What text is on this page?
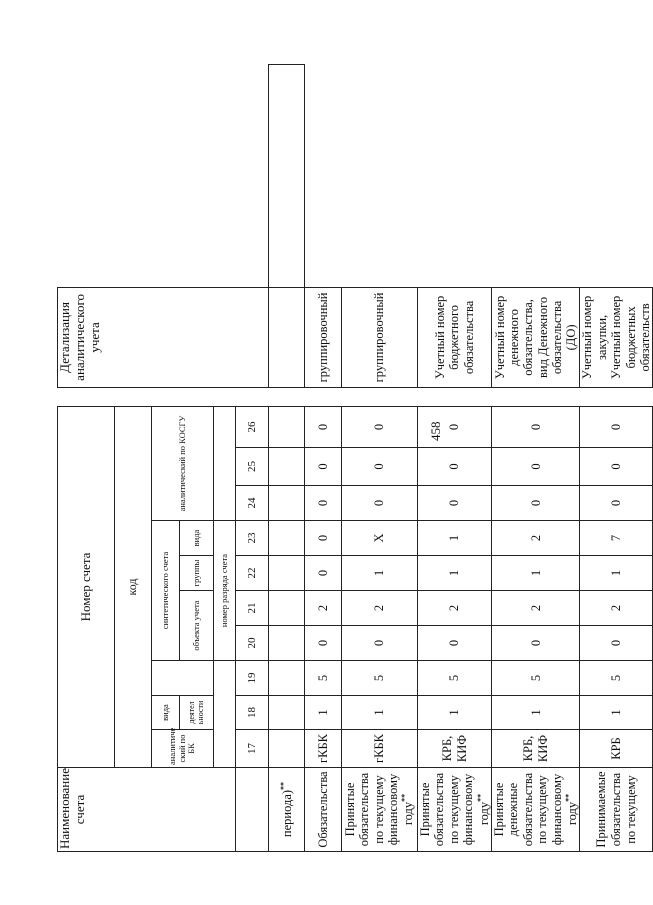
458
Наименование счета	Номер счета											Детализация аналитического учета	
	код												
	аналитиче ский по БК	вида		синтетического счета				аналитический по КОСГУ					
		деятел ьности		объекта учета		группы	вида						
				номер разряда счета									
	17	18	19	20	21	22	23	24	25	26			
периода)**												
Обязательства	гКБК	1	5	0	2	0	0	0	0	0		группировочный	
Принятые обязательства по текущему финансовому году**	гКБК	1	5	0	2	1	Х	0	0	0		группировочный	
Принятые обязательства по текущему финансовому году**	КРБ, КИФ	1	5	0	2	1	1	0	0	0		Учетный номер бюджетного обязательства	
Принятые денежные обязательства по текущему финансовому году**	КРБ, КИФ	1	5	0	2	1	2	0	0	0		Учетный номер денежного обязательства, вид Денежного обязательства (ДО)	
Принимаемые обязательства по текущему	КРБ	1	5	0	2	1	7	0	0	0		Учетный номер закупки, Учетный номер бюджетных обязательств	
